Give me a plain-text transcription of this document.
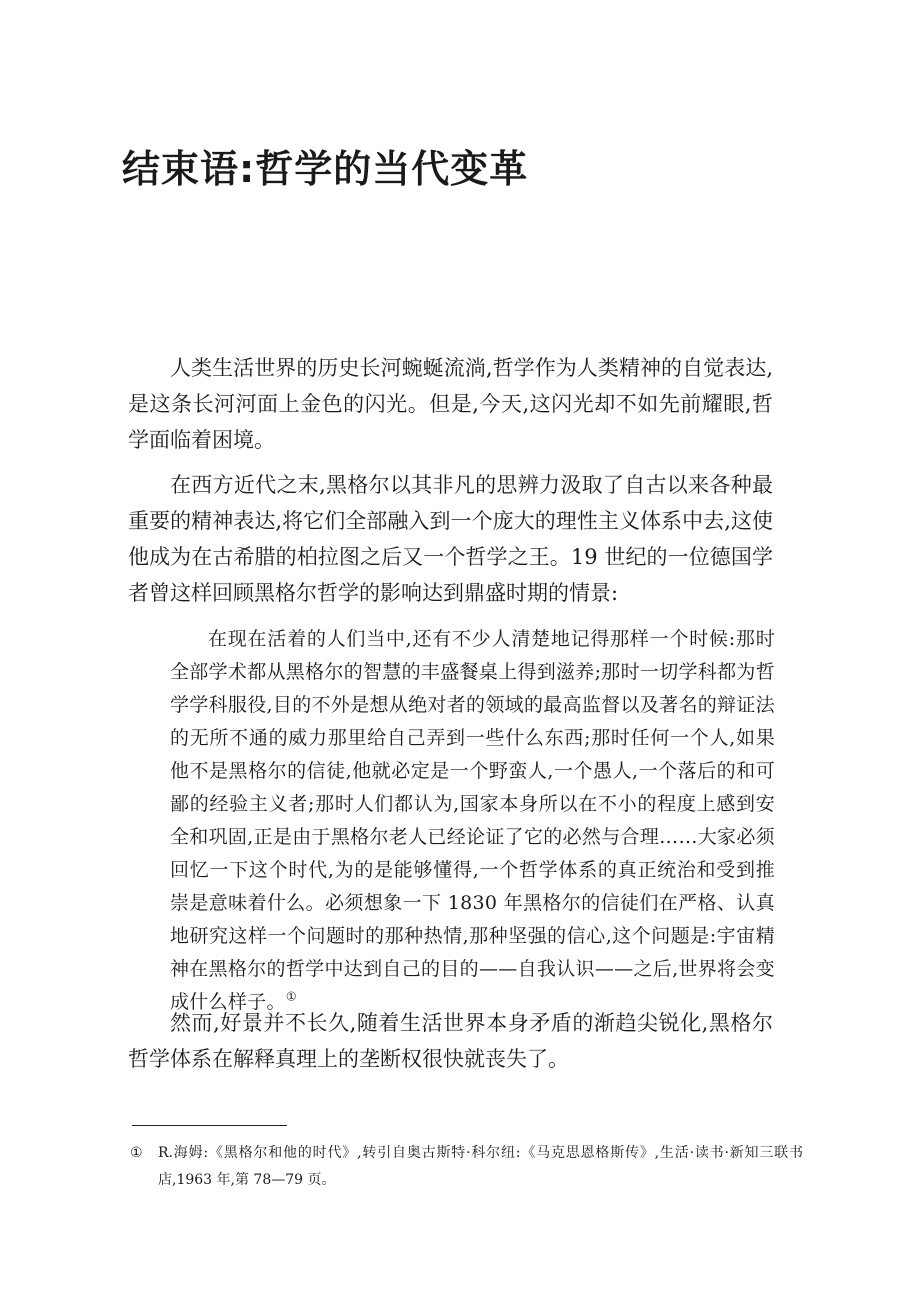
结束语:哲学的当代变革

人类生活世界的历史长河蜿蜒流淌,哲学作为人类精神的自觉表达,是这条长河河面上金色的闪光。但是,今天,这闪光却不如先前耀眼,哲学面临着困境。

在西方近代之末,黑格尔以其非凡的思辨力汲取了自古以来各种最重要的精神表达,将它们全部融入到一个庞大的理性主义体系中去,这使他成为在古希腊的柏拉图之后又一个哲学之王。19 世纪的一位德国学者曾这样回顾黑格尔哲学的影响达到鼎盛时期的情景:

在现在活着的人们当中,还有不少人清楚地记得那样一个时候:那时全部学术都从黑格尔的智慧的丰盛餐桌上得到滋养;那时一切学科都为哲学学科服役,目的不外是想从绝对者的领域的最高监督以及著名的辩证法的无所不通的威力那里给自己弄到一些什么东西;那时任何一个人,如果他不是黑格尔的信徒,他就必定是一个野蛮人,一个愚人,一个落后的和可鄙的经验主义者;那时人们都认为,国家本身所以在不小的程度上感到安全和巩固,正是由于黑格尔老人已经论证了它的必然与合理……大家必须回忆一下这个时代,为的是能够懂得,一个哲学体系的真正统治和受到推崇是意味着什么。必须想象一下 1830 年黑格尔的信徒们在严格、认真地研究这样一个问题时的那种热情,那种坚强的信心,这个问题是:宇宙精神在黑格尔的哲学中达到自己的目的——自我认识——之后,世界将会变成什么样子。①

然而,好景并不长久,随着生活世界本身矛盾的渐趋尖锐化,黑格尔哲学体系在解释真理上的垄断权很快就丧失了。

① R.海姆:《黑格尔和他的时代》,转引自奥古斯特·科尔纽:《马克思恩格斯传》,生活·读书·新知三联书店,1963 年,第 78—79 页。
